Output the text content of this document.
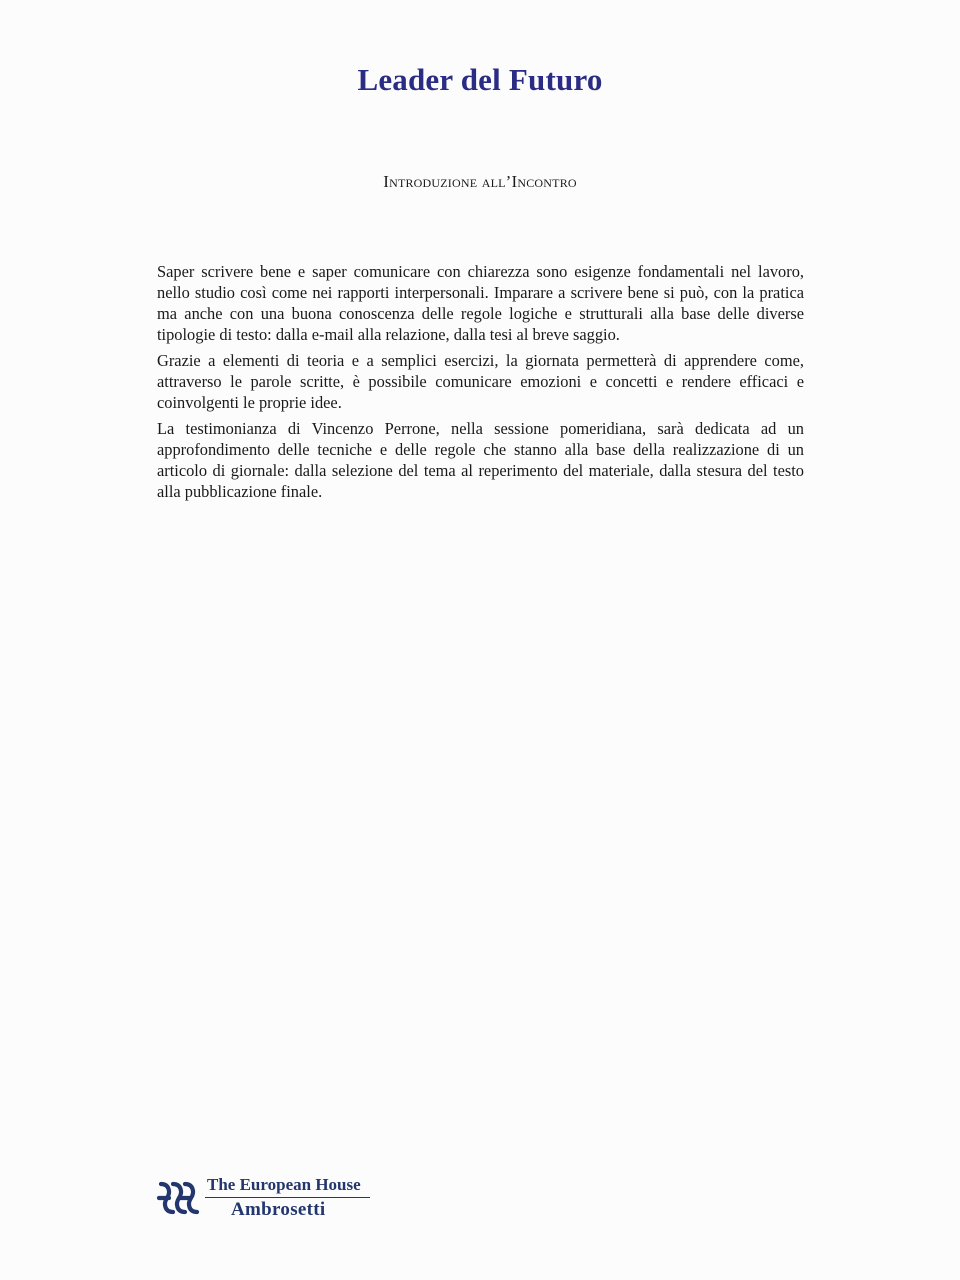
Leader del Futuro
Introduzione all’Incontro

Saper scrivere bene e saper comunicare con chiarezza sono esigenze fondamentali nel lavoro, nello studio così come nei rapporti interpersonali. Imparare a scrivere bene si può, con la pratica ma anche con una buona conoscenza delle regole logiche e strutturali alla base delle diverse tipologie di testo: dalla e-mail alla relazione, dalla tesi al breve saggio.

Grazie a elementi di teoria e a semplici esercizi, la giornata permetterà di apprendere come, attraverso le parole scritte, è possibile comunicare emozioni e concetti e rendere efficaci e coinvolgenti le proprie idee.

La testimonianza di Vincenzo Perrone, nella sessione pomeridiana, sarà dedicata ad un approfondimento delle tecniche e delle regole che stanno alla base della realizzazione di un articolo di giornale: dalla selezione del tema al reperimento del materiale, dalla stesura del testo alla pubblicazione finale.

The European House
Ambrosetti
